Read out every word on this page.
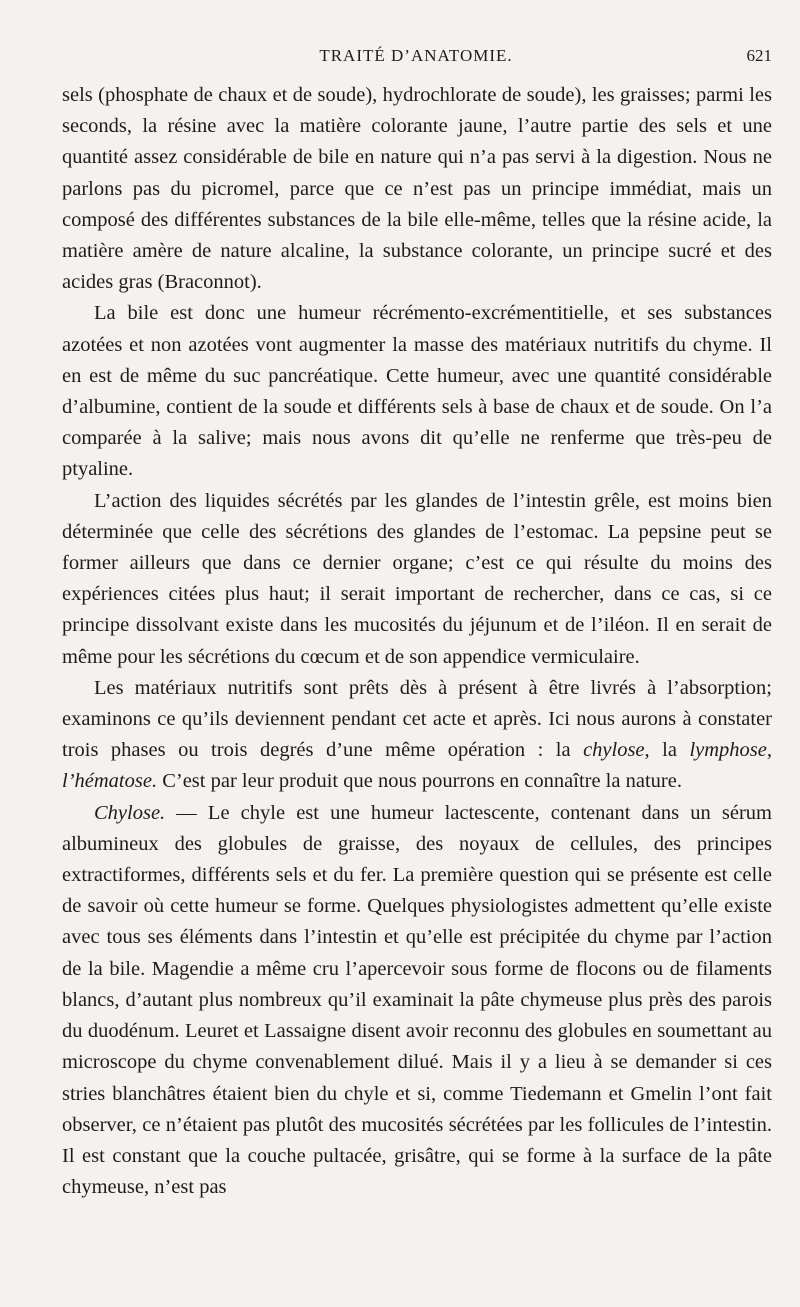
TRAITÉ D’ANATOMIE.	621

sels (phosphate de chaux et de soude), hydrochlorate de soude), les graisses; parmi les seconds, la résine avec la matière colorante jaune, l’autre partie des sels et une quantité assez considérable de bile en nature qui n’a pas servi à la digestion. Nous ne parlons pas du picromel, parce que ce n’est pas un principe immédiat, mais un composé des différentes substances de la bile elle-même, telles que la résine acide, la matière amère de nature alcaline, la substance colorante, un principe sucré et des acides gras (Braconnot).

La bile est donc une humeur récrémento-excrémentitielle, et ses substances azotées et non azotées vont augmenter la masse des matériaux nutritifs du chyme. Il en est de même du suc pancréatique. Cette humeur, avec une quantité considérable d’albumine, contient de la soude et différents sels à base de chaux et de soude. On l’a comparée à la salive; mais nous avons dit qu’elle ne renferme que très-peu de ptyaline.

L’action des liquides sécrétés par les glandes de l’intestin grêle, est moins bien déterminée que celle des sécrétions des glandes de l’estomac. La pepsine peut se former ailleurs que dans ce dernier organe; c’est ce qui résulte du moins des expériences citées plus haut; il serait important de rechercher, dans ce cas, si ce principe dissolvant existe dans les mucosités du jéjunum et de l’iléon. Il en serait de même pour les sécrétions du cœcum et de son appendice vermiculaire.

Les matériaux nutritifs sont prêts dès à présent à être livrés à l’absorption; examinons ce qu’ils deviennent pendant cet acte et après. Ici nous aurons à constater trois phases ou trois degrés d’une même opération : la chylose, la lymphose, l’hématose. C’est par leur produit que nous pourrons en connaître la nature.

Chylose. — Le chyle est une humeur lactescente, contenant dans un sérum albumineux des globules de graisse, des noyaux de cellules, des principes extractiformes, différents sels et du fer. La première question qui se présente est celle de savoir où cette humeur se forme. Quelques physiologistes admettent qu’elle existe avec tous ses éléments dans l’intestin et qu’elle est précipitée du chyme par l’action de la bile. Magendie a même cru l’apercevoir sous forme de flocons ou de filaments blancs, d’autant plus nombreux qu’il examinait la pâte chymeuse plus près des parois du duodénum. Leuret et Lassaigne disent avoir reconnu des globules en soumettant au microscope du chyme convenablement dilué. Mais il y a lieu à se demander si ces stries blanchâtres étaient bien du chyle et si, comme Tiedemann et Gmelin l’ont fait observer, ce n’étaient pas plutôt des mucosités sécrétées par les follicules de l’intestin. Il est constant que la couche pultacée, grisâtre, qui se forme à la surface de la pâte chymeuse, n’est pas
